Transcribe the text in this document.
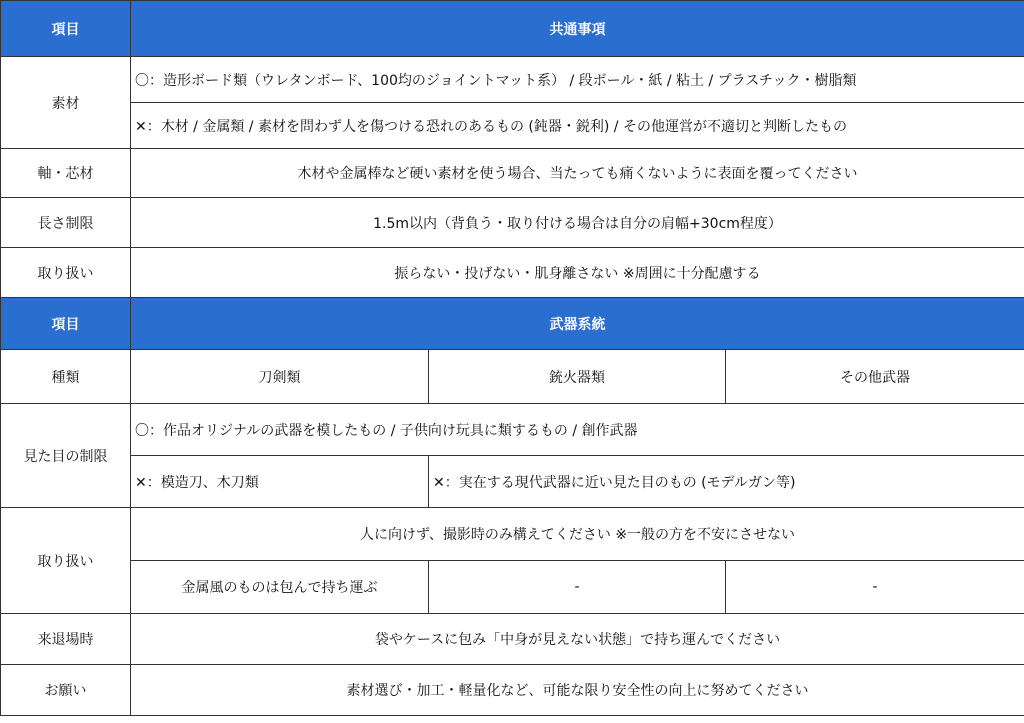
項目	共通事項		
素材	〇：造形ボード類（ウレタンボード、100均のジョイントマット系） / 段ボール・紙 / 粘土 / プラスチック・樹脂類		
	✕：木材 / 金属類 / 素材を問わず人を傷つける恐れのあるもの (鈍器・鋭利) / その他運営が不適切と判断したもの		
軸・芯材	木材や金属棒など硬い素材を使う場合、当たっても痛くないように表面を覆ってください		
長さ制限	1.5m以内（背負う・取り付ける場合は自分の肩幅+30cm程度）		
取り扱い	振らない・投げない・肌身離さない ※周囲に十分配慮する		
項目	武器系統		
種類	刀剣類	銃火器類	その他武器
見た目の制限	〇：作品オリジナルの武器を模したもの / 子供向け玩具に類するもの / 創作武器		
	✕：模造刀、木刀類	✕：実在する現代武器に近い見た目のもの (モデルガン等)	
取り扱い	人に向けず、撮影時のみ構えてください ※一般の方を不安にさせない		
	金属風のものは包んで持ち運ぶ	-	-
来退場時	袋やケースに包み「中身が見えない状態」で持ち運んでください		
お願い	素材選び・加工・軽量化など、可能な限り安全性の向上に努めてください		
